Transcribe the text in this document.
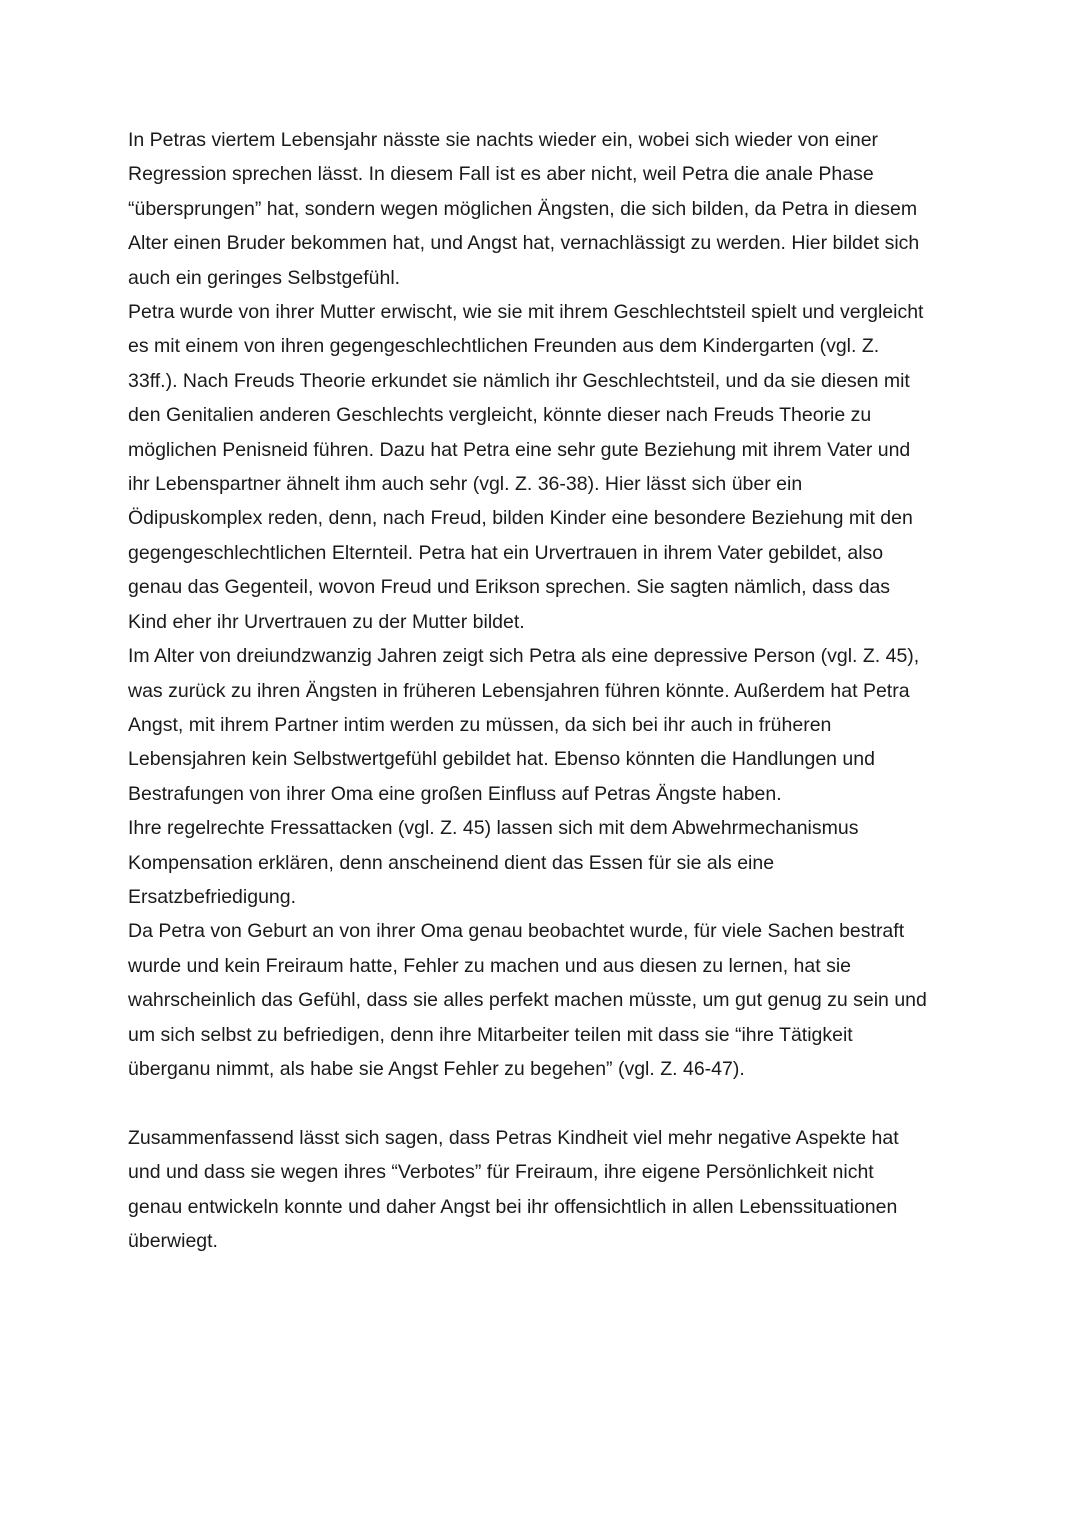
In Petras viertem Lebensjahr nässte sie nachts wieder ein, wobei sich wieder von einer
Regression sprechen lässt. In diesem Fall ist es aber nicht, weil Petra die anale Phase
“übersprungen” hat, sondern wegen möglichen Ängsten, die sich bilden, da Petra in diesem
Alter einen Bruder bekommen hat, und Angst hat, vernachlässigt zu werden. Hier bildet sich
auch ein geringes Selbstgefühl.

Petra wurde von ihrer Mutter erwischt, wie sie mit ihrem Geschlechtsteil spielt und vergleicht
es mit einem von ihren gegengeschlechtlichen Freunden aus dem Kindergarten (vgl. Z.
33ff.). Nach Freuds Theorie erkundet sie nämlich ihr Geschlechtsteil, und da sie diesen mit
den Genitalien anderen Geschlechts vergleicht, könnte dieser nach Freuds Theorie zu
möglichen Penisneid führen. Dazu hat Petra eine sehr gute Beziehung mit ihrem Vater und
ihr Lebenspartner ähnelt ihm auch sehr (vgl. Z. 36-38). Hier lässt sich über ein
Ödipuskomplex reden, denn, nach Freud, bilden Kinder eine besondere Beziehung mit den
gegengeschlechtlichen Elternteil. Petra hat ein Urvertrauen in ihrem Vater gebildet, also
genau das Gegenteil, wovon Freud und Erikson sprechen. Sie sagten nämlich, dass das
Kind eher ihr Urvertrauen zu der Mutter bildet.

Im Alter von dreiundzwanzig Jahren zeigt sich Petra als eine depressive Person (vgl. Z. 45),
was zurück zu ihren Ängsten in früheren Lebensjahren führen könnte. Außerdem hat Petra
Angst, mit ihrem Partner intim werden zu müssen, da sich bei ihr auch in früheren
Lebensjahren kein Selbstwertgefühl gebildet hat. Ebenso könnten die Handlungen und
Bestrafungen von ihrer Oma eine großen Einfluss auf Petras Ängste haben.

Ihre regelrechte Fressattacken (vgl. Z. 45) lassen sich mit dem Abwehrmechanismus
Kompensation erklären, denn anscheinend dient das Essen für sie als eine
Ersatzbefriedigung.

Da Petra von Geburt an von ihrer Oma genau beobachtet wurde, für viele Sachen bestraft
wurde und kein Freiraum hatte, Fehler zu machen und aus diesen zu lernen, hat sie
wahrscheinlich das Gefühl, dass sie alles perfekt machen müsste, um gut genug zu sein und
um sich selbst zu befriedigen, denn ihre Mitarbeiter teilen mit dass sie “ihre Tätigkeit
überganu nimmt, als habe sie Angst Fehler zu begehen” (vgl. Z. 46-47).

Zusammenfassend lässt sich sagen, dass Petras Kindheit viel mehr negative Aspekte hat
und und dass sie wegen ihres “Verbotes” für Freiraum, ihre eigene Persönlichkeit nicht
genau entwickeln konnte und daher Angst bei ihr offensichtlich in allen Lebenssituationen
überwiegt.
